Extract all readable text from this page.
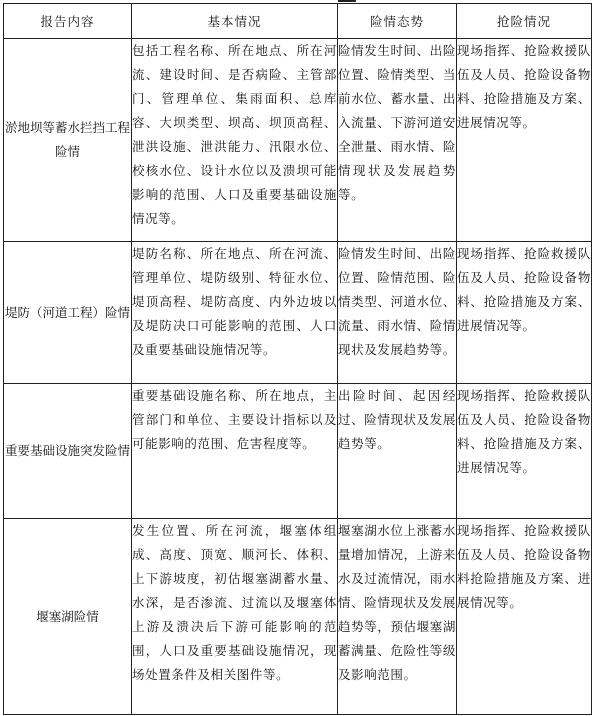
报告内容	基本情况	险情态势	抢险情况
淤地坝等蓄水拦挡工程险情	包括工程名称、所在地点、所在河流、建设时间、是否病险、主管部门、管理单位、集雨面积、总库容、大坝类型、坝高、坝顶高程、泄洪设施、泄洪能力、汛限水位、校核水位、设计水位以及溃坝可能影响的范围、人口及重要基础设施情况等。	险情发生时间、出险位置、险情类型、当前水位、蓄水量、出入流量、下游河道安全泄量、雨水情、险情现状及发展趋势等。	现场指挥、抢险救援队伍及人员、抢险设备物料、抢险措施及方案、进展情况等。
堤防（河道工程）险情	堤防名称、所在地点、所在河流、管理单位、堤防级别、特征水位、堤顶高程、堤防高度、内外边坡以及堤防决口可能影响的范围、人口及重要基础设施情况等。	险情发生时间、出险位置、险情范围、险情类型、河道水位、流量、雨水情、险情现状及发展趋势等。	现场指挥、抢险救援队伍及人员、抢险设备物料、抢险措施及方案、进展情况等。
重要基础设施突发险情	重要基础设施名称、所在地点，主管部门和单位、主要设计指标以及可能影响的范围、危害程度等。	出险时间、起因经过、险情现状及发展趋势等。	现场指挥、抢险救援队伍及人员、抢险设备物料、抢险措施及方案、进展情况等。
堰塞湖险情	发生位置、所在河流，堰塞体组成、高度、顶宽、顺河长、体积、上下游坡度，初估堰塞湖蓄水量、水深，是否渗流、过流以及堰塞体上游及溃决后下游可能影响的范围，人口及重要基础设施情况，现场处置条件及相关图件等。	堰塞湖水位上涨蓄水量增加情况，上游来水及过流情况，雨水情、险情现状及发展趋势等，预估堰塞湖蓄满量、危险性等级及影响范围。	现场指挥、抢险救援队伍及人员、抢险设备物料抢险措施及方案、进展情况等。
